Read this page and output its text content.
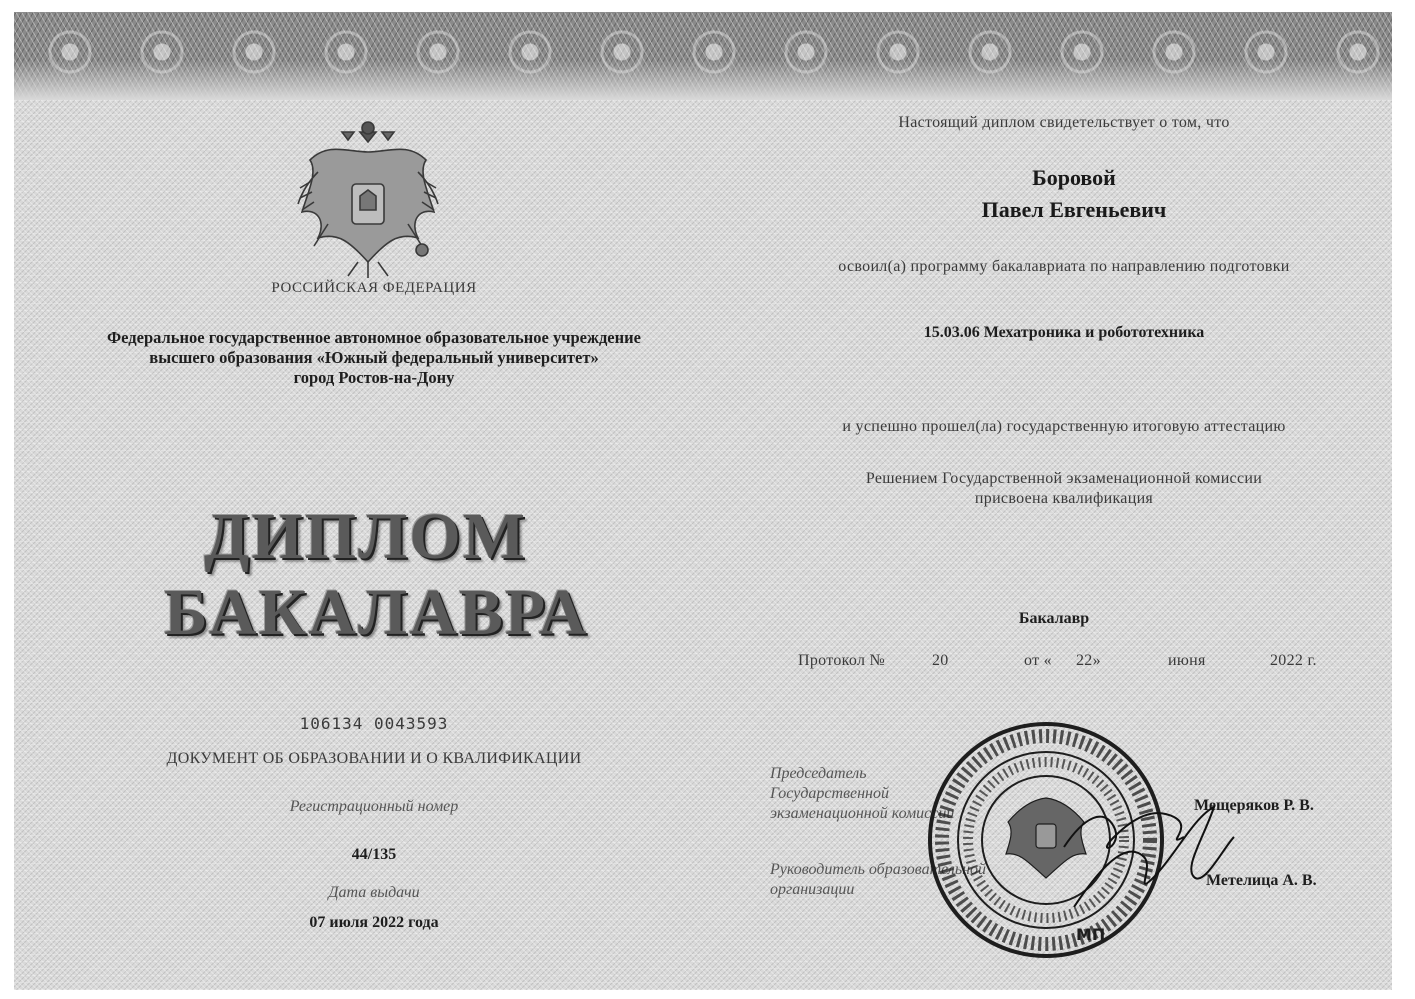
РОССИЙСКАЯ ФЕДЕРАЦИЯ
Федеральное государственное автономное образовательное учреждение
высшего образования «Южный федеральный университет»
город Ростов-на-Дону
ДИПЛОМ
БАКАЛАВРА
106134 0043593
ДОКУМЕНТ ОБ ОБРАЗОВАНИИ И О КВАЛИФИКАЦИИ
Регистрационный номер
44/135
Дата выдачи
07 июля 2022 года
Настоящий диплом свидетельствует о том, что
Боровой
Павел Евгеньевич
освоил(а) программу бакалавриата по направлению подготовки
15.03.06 Мехатроника и робототехника
и успешно прошел(ла) государственную итоговую аттестацию
Решением Государственной экзаменационной комиссии
присвоена квалификация
Бакалавр
Протокол №	20	от « 22»	июня	2022 г.
Председатель
Государственной
экзаменационной комиссии	Мещеряков Р. В.
Руководитель образовательной
организации
Метелица А. В.
МП
